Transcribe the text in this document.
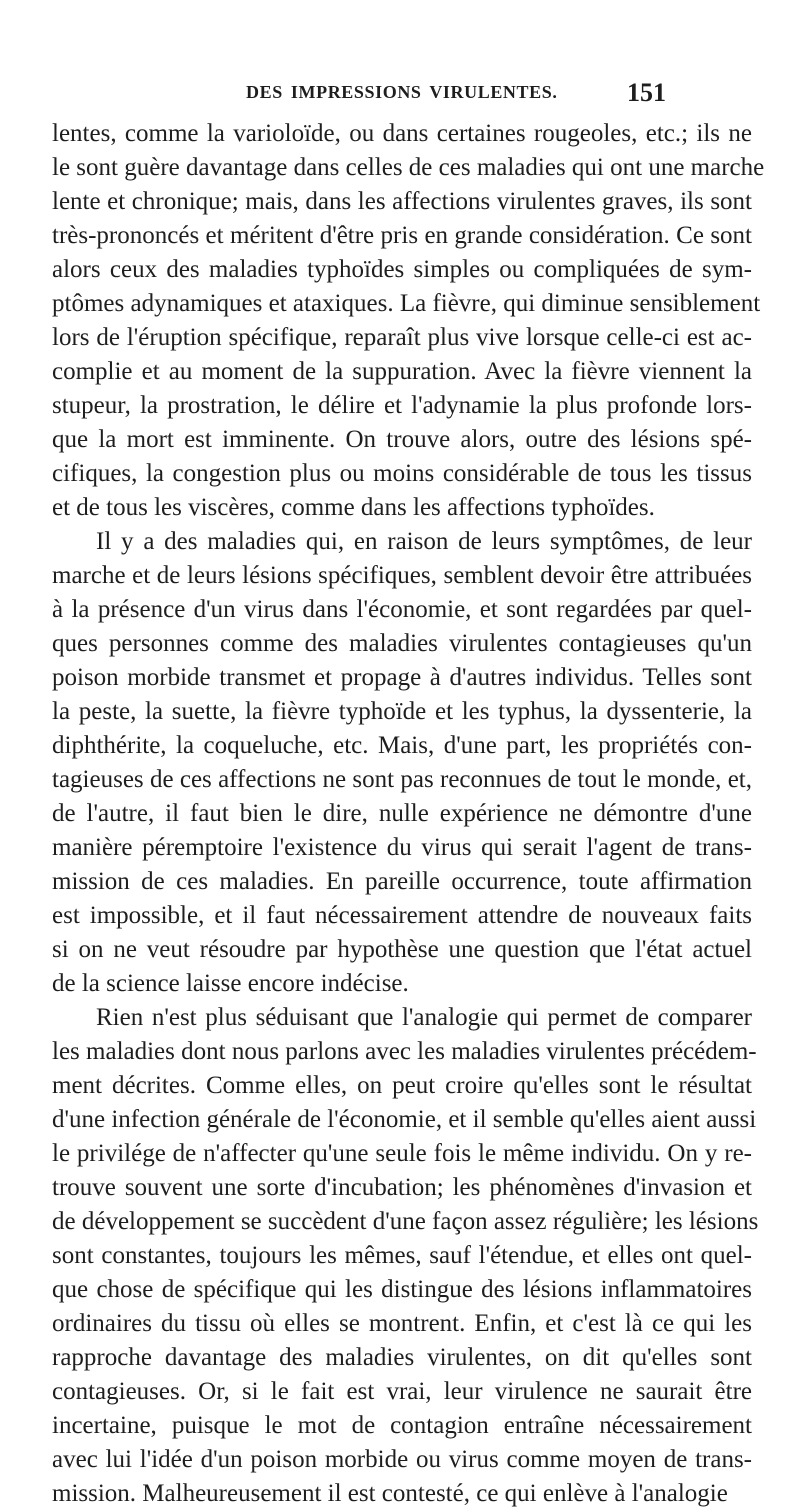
DES IMPRESSIONS VIRULENTES.	151
lentes, comme la varioloïde, ou dans certaines rougeoles, etc.; ils ne
le sont guère davantage dans celles de ces maladies qui ont une marche
lente et chronique; mais, dans les affections virulentes graves, ils sont
très-prononcés et méritent d'être pris en grande considération. Ce sont
alors ceux des maladies typhoïdes simples ou compliquées de sym-
ptômes adynamiques et ataxiques. La fièvre, qui diminue sensiblement
lors de l'éruption spécifique, reparaît plus vive lorsque celle-ci est ac-
complie et au moment de la suppuration. Avec la fièvre viennent la
stupeur, la prostration, le délire et l'adynamie la plus profonde lors-
que la mort est imminente. On trouve alors, outre des lésions spé-
cifiques, la congestion plus ou moins considérable de tous les tissus
et de tous les viscères, comme dans les affections typhoïdes.
Il y a des maladies qui, en raison de leurs symptômes, de leur
marche et de leurs lésions spécifiques, semblent devoir être attribuées
à la présence d'un virus dans l'économie, et sont regardées par quel-
ques personnes comme des maladies virulentes contagieuses qu'un
poison morbide transmet et propage à d'autres individus. Telles sont
la peste, la suette, la fièvre typhoïde et les typhus, la dyssenterie, la
diphthérite, la coqueluche, etc. Mais, d'une part, les propriétés con-
tagieuses de ces affections ne sont pas reconnues de tout le monde, et,
de l'autre, il faut bien le dire, nulle expérience ne démontre d'une
manière péremptoire l'existence du virus qui serait l'agent de trans-
mission de ces maladies. En pareille occurrence, toute affirmation
est impossible, et il faut nécessairement attendre de nouveaux faits
si on ne veut résoudre par hypothèse une question que l'état actuel
de la science laisse encore indécise.
Rien n'est plus séduisant que l'analogie qui permet de comparer
les maladies dont nous parlons avec les maladies virulentes précédem-
ment décrites. Comme elles, on peut croire qu'elles sont le résultat
d'une infection générale de l'économie, et il semble qu'elles aient aussi
le privilége de n'affecter qu'une seule fois le même individu. On y re-
trouve souvent une sorte d'incubation; les phénomènes d'invasion et
de développement se succèdent d'une façon assez régulière; les lésions
sont constantes, toujours les mêmes, sauf l'étendue, et elles ont quel-
que chose de spécifique qui les distingue des lésions inflammatoires
ordinaires du tissu où elles se montrent. Enfin, et c'est là ce qui les
rapproche davantage des maladies virulentes, on dit qu'elles sont
contagieuses. Or, si le fait est vrai, leur virulence ne saurait être
incertaine, puisque le mot de contagion entraîne nécessairement
avec lui l'idée d'un poison morbide ou virus comme moyen de trans-
mission. Malheureusement il est contesté, ce qui enlève à l'analogie
